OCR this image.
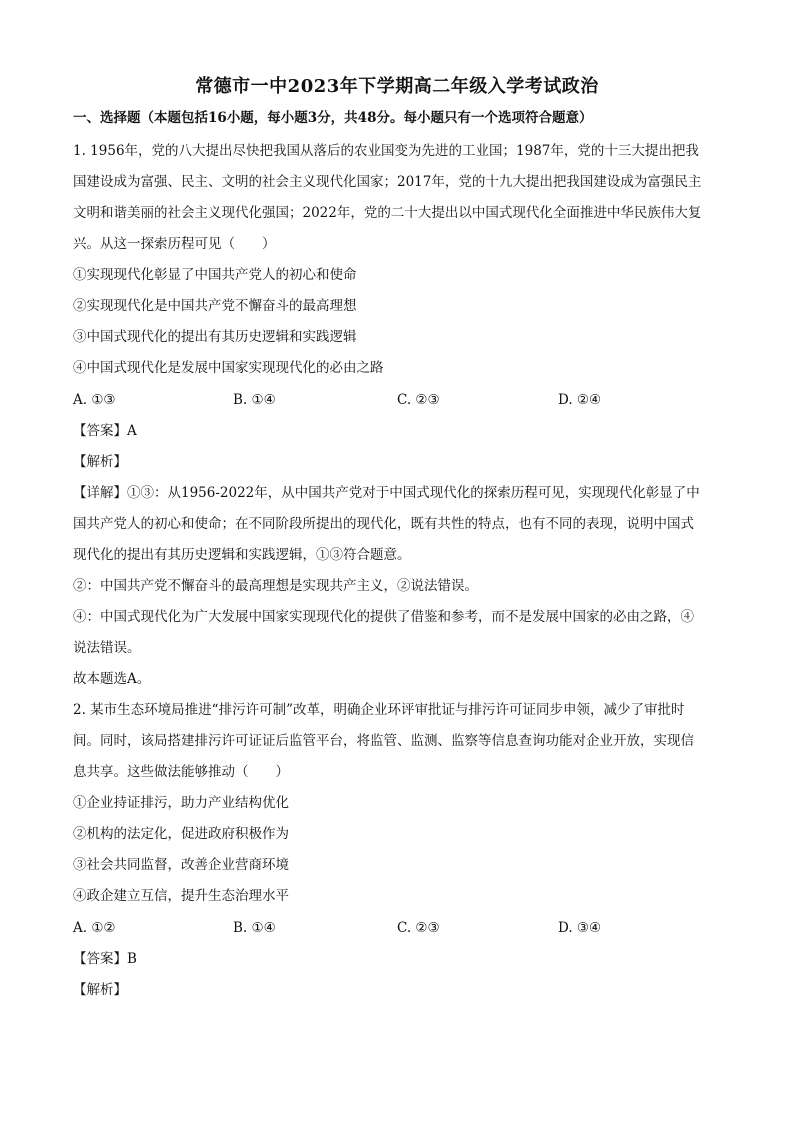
常德市一中2023年下学期高二年级入学考试政治
一、选择题（本题包括16小题，每小题3分，共48分。每小题只有一个选项符合题意）
1. 1956年，党的八大提出尽快把我国从落后的农业国变为先进的工业国；1987年，党的十三大提出把我
国建设成为富强、民主、文明的社会主义现代化国家；2017年，党的十九大提出把我国建设成为富强民主
文明和谐美丽的社会主义现代化强国；2022年，党的二十大提出以中国式现代化全面推进中华民族伟大复
兴。从这一探索历程可见（　　）
①实现现代化彰显了中国共产党人的初心和使命
②实现现代化是中国共产党不懈奋斗的最高理想
③中国式现代化的提出有其历史逻辑和实践逻辑
④中国式现代化是发展中国家实现现代化的必由之路
A. ①③	B. ①④	C. ②③	D. ②④
【答案】A
【解析】
【详解】①③：从1956-2022年，从中国共产党对于中国式现代化的探索历程可见，实现现代化彰显了中
国共产党人的初心和使命；在不同阶段所提出的现代化，既有共性的特点，也有不同的表现，说明中国式
现代化的提出有其历史逻辑和实践逻辑，①③符合题意。
②：中国共产党不懈奋斗的最高理想是实现共产主义，②说法错误。
④：中国式现代化为广大发展中国家实现现代化的提供了借鉴和参考，而不是发展中国家的必由之路，④
说法错误。
故本题选A。
2. 某市生态环境局推进“排污许可制”改革，明确企业环评审批证与排污许可证同步申领，减少了审批时
间。同时，该局搭建排污许可证证后监管平台，将监管、监测、监察等信息查询功能对企业开放，实现信
息共享。这些做法能够推动（　　）
①企业持证排污，助力产业结构优化
②机构的法定化，促进政府积极作为
③社会共同监督，改善企业营商环境
④政企建立互信，提升生态治理水平
A. ①②	B. ①④	C. ②③	D. ③④
【答案】B
【解析】
